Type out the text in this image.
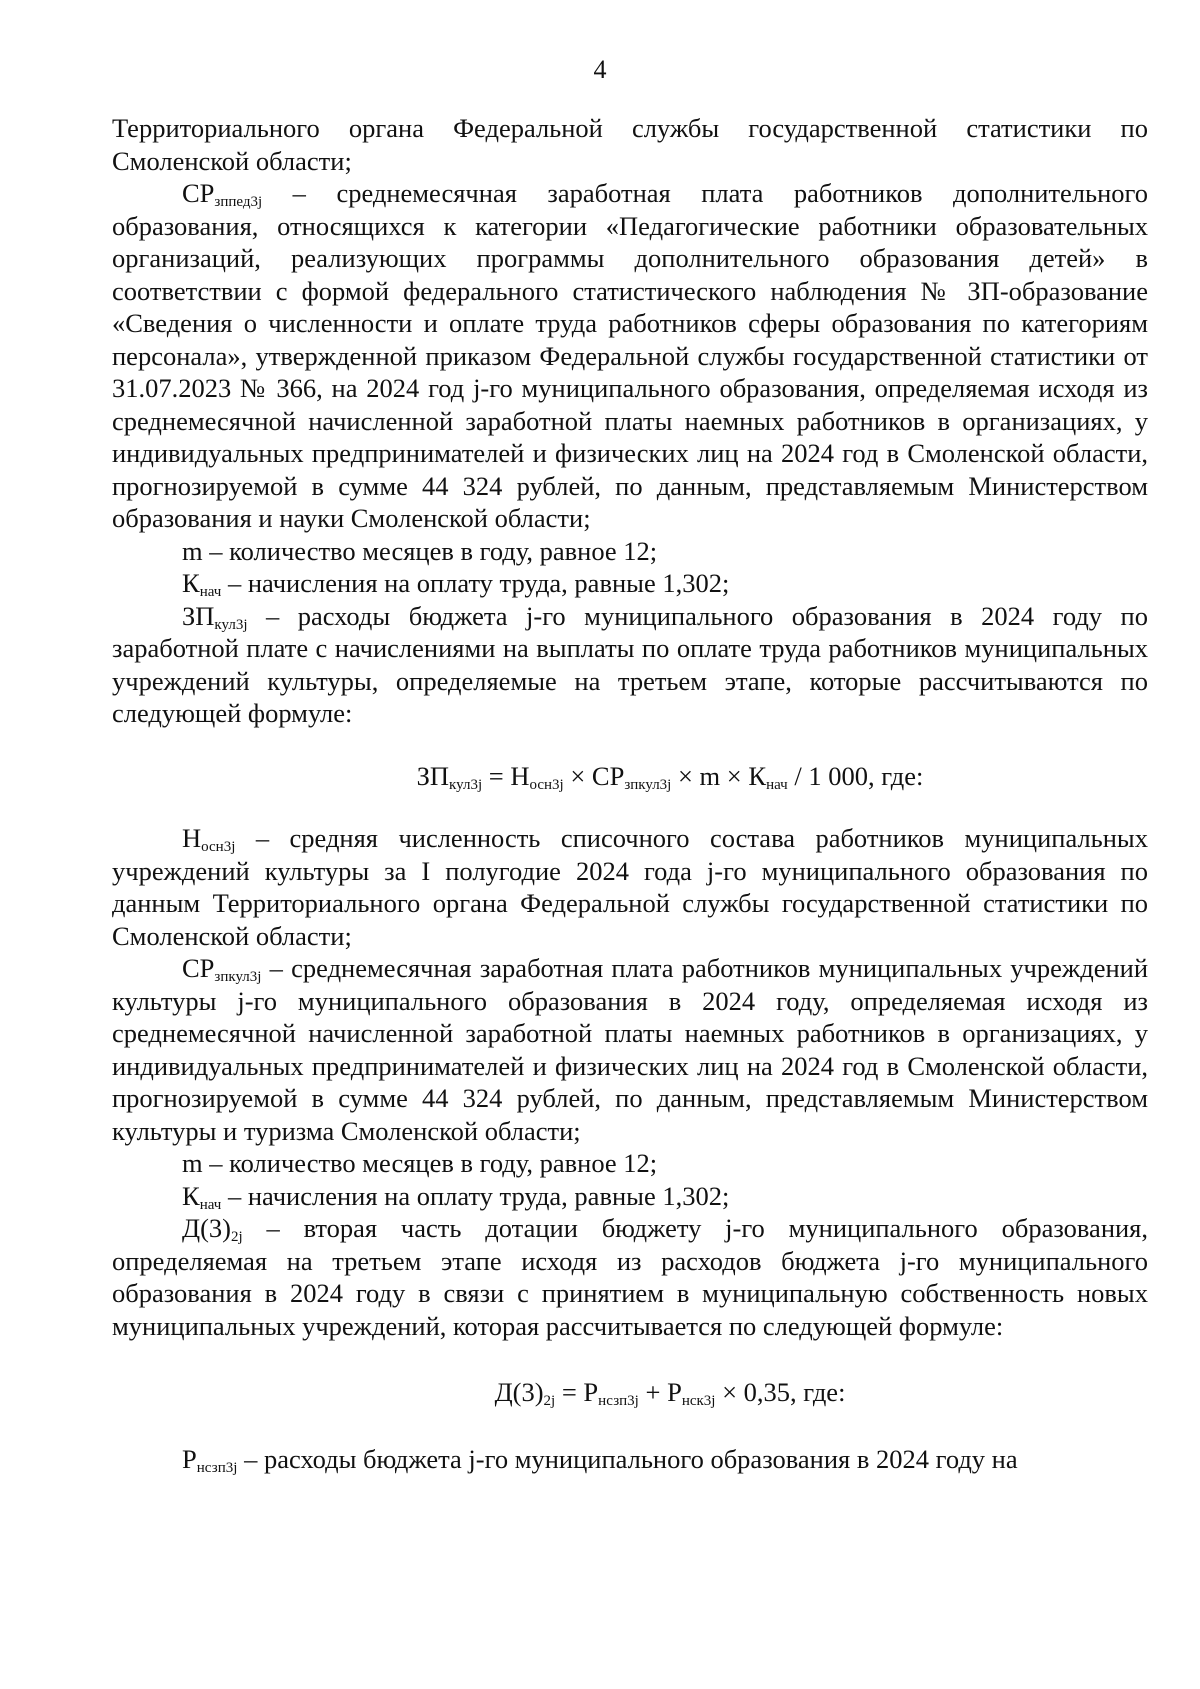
4

Территориального органа Федеральной службы государственной статистики по Смоленской области;

$СР_{зппед3j}$ – среднемесячная заработная плата работников дополнительного образования, относящихся к категории «Педагогические работники образовательных организаций, реализующих программы дополнительного образования детей» в соответствии с формой федерального статистического наблюдения № ЗП-образование «Сведения о численности и оплате труда работников сферы образования по категориям персонала», утвержденной приказом Федеральной службы государственной статистики от 31.07.2023 № 366, на 2024 год j-го муниципального образования, определяемая исходя из среднемесячной начисленной заработной платы наемных работников в организациях, у индивидуальных предпринимателей и физических лиц на 2024 год в Смоленской области, прогнозируемой в сумме 44 324 рублей, по данным, представляемым Министерством образования и науки Смоленской области;

m – количество месяцев в году, равное 12;

$К_{нач}$ – начисления на оплату труда, равные 1,302;

$ЗП_{кул3j}$ – расходы бюджета j-го муниципального образования в 2024 году по заработной плате с начислениями на выплаты по оплате труда работников муниципальных учреждений культуры, определяемые на третьем этапе, которые рассчитываются по следующей формуле:

$ЗП_{кул3j} = Н_{осн3j} \times СР_{зпкул3j} \times m \times К_{нач} / 1$ 000, где:

$Н_{осн3j}$ – средняя численность списочного состава работников муниципальных учреждений культуры за I полугодие 2024 года j-го муниципального образования по данным Территориального органа Федеральной службы государственной статистики по Смоленской области;

$СР_{зпкул3j}$ – среднемесячная заработная плата работников муниципальных учреждений культуры j-го муниципального образования в 2024 году, определяемая исходя из среднемесячной начисленной заработной платы наемных работников в организациях, у индивидуальных предпринимателей и физических лиц на 2024 год в Смоленской области, прогнозируемой в сумме 44 324 рублей, по данным, представляемым Министерством культуры и туризма Смоленской области;

m – количество месяцев в году, равное 12;

$К_{нач}$ – начисления на оплату труда, равные 1,302;

$Д(3)_{2j}$ – вторая часть дотации бюджету j-го муниципального образования, определяемая на третьем этапе исходя из расходов бюджета j-го муниципального образования в 2024 году в связи с принятием в муниципальную собственность новых муниципальных учреждений, которая рассчитывается по следующей формуле:

$Д(3)_{2j} = Р_{нсзп3j} + Р_{нск3j} \times 0,35$, где:

$Р_{нсзп3j}$ – расходы бюджета j-го муниципального образования в 2024 году на
